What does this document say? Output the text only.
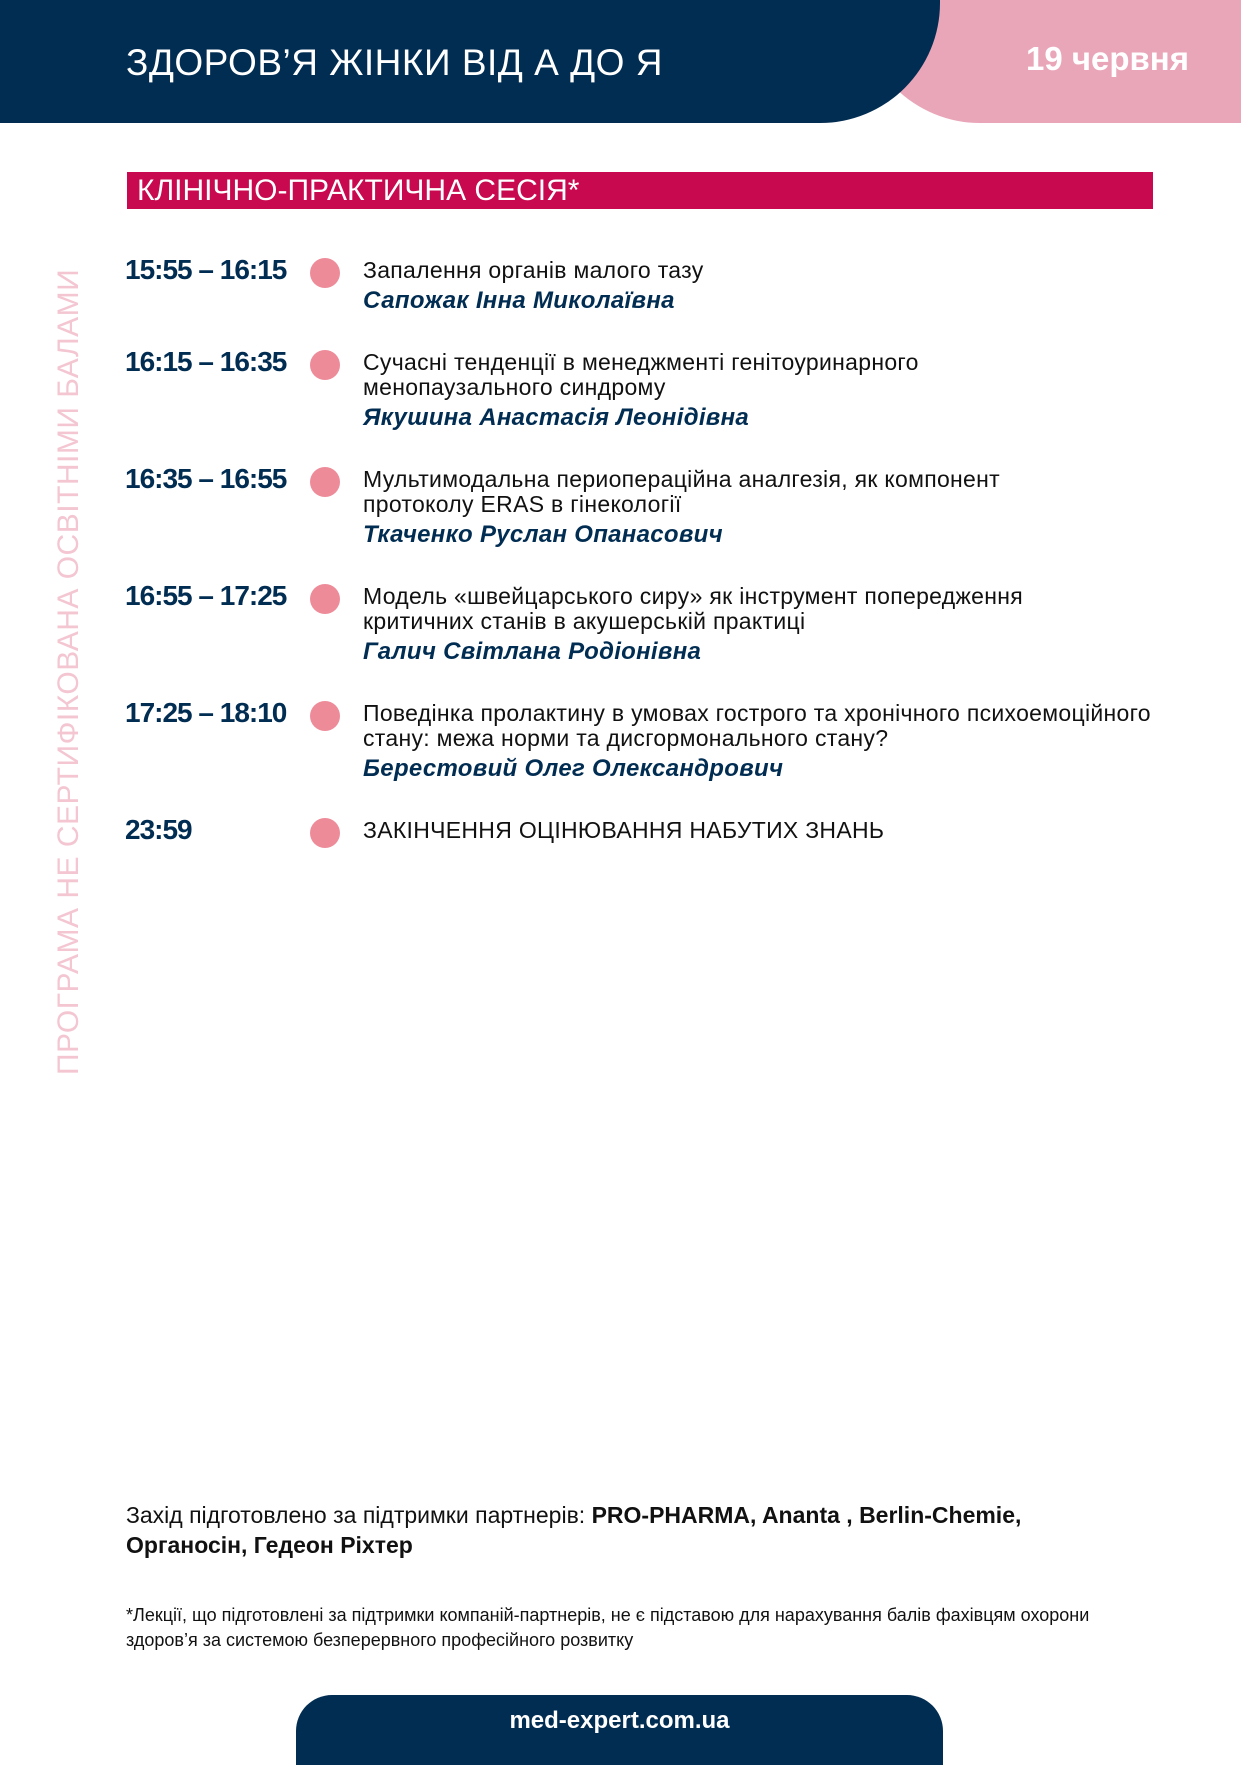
ЗДОРОВ’Я ЖІНКИ ВІД А ДО Я	19 червня
ПРОГРАМА НЕ СЕРТИФІКОВАНА ОСВІТНІМИ БАЛАМИ
КЛІНІЧНО-ПРАКТИЧНА СЕСІЯ*
15:55 – 16:15	Запалення органів малого тазу
Сапожак Інна Миколаївна
16:15 – 16:35	Сучасні тенденції в менеджменті генітоуринарного менопаузального синдрому
Якушина Анастасія Леонідівна
16:35 – 16:55	Мультимодальна периопераційна аналгезія, як компонент протоколу ERAS в гінекології
Ткаченко Руслан Опанасович
16:55 – 17:25	Модель «швейцарського сиру» як інструмент попередження критичних станів в акушерській практиці
Галич Світлана Родіонівна
17:25 – 18:10	Поведінка пролактину в умовах гострого та хронічного психоемоційного стану: межа норми та дисгормонального стану?
Берестовий Олег Олександрович
23:59	ЗАКІНЧЕННЯ ОЦІНЮВАННЯ НАБУТИХ ЗНАНЬ
Захід підготовлено за підтримки партнерів: PRO-PHARMA, Ananta , Berlin-Chemie,
Органосін, Гедеон Ріхтер
*Лекції, що підготовлені за підтримки компаній-партнерів, не є підставою для нарахування балів фахівцям охорони здоров’я за системою безперервного професійного розвитку
med-expert.com.ua
